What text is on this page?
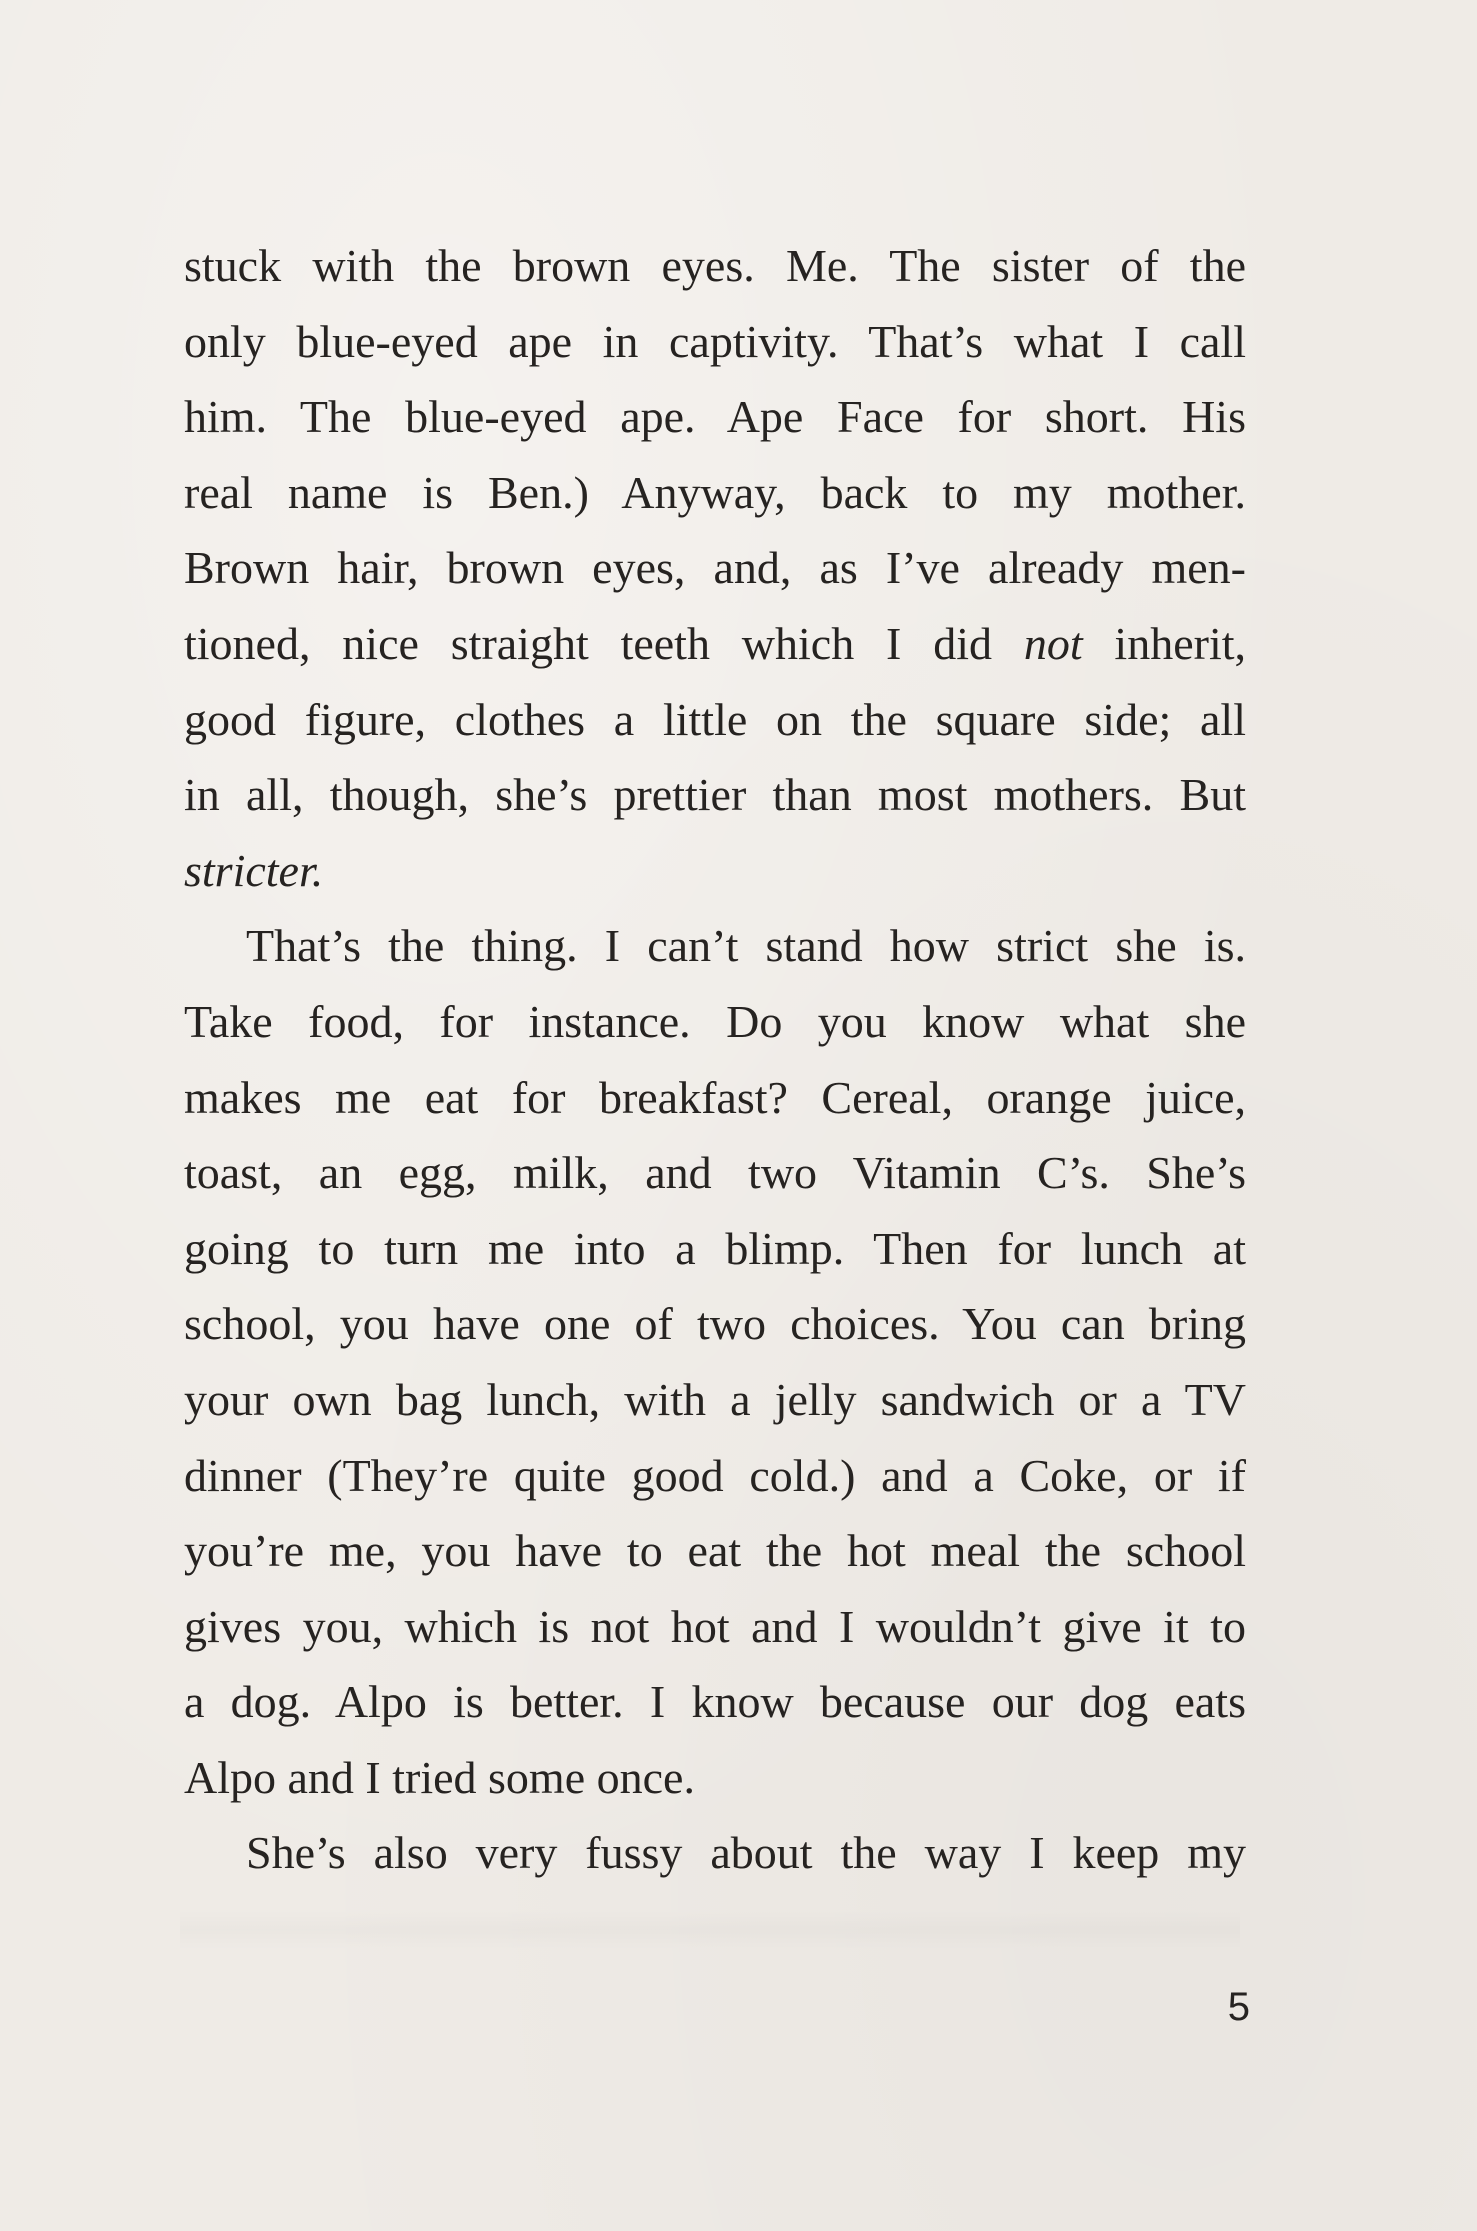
stuck with the brown eyes. Me. The sister of the
only blue-eyed ape in captivity. That’s what I call
him. The blue-eyed ape. Ape Face for short. His
real name is Ben.) Anyway, back to my mother.
Brown hair, brown eyes, and, as I’ve already men-
tioned, nice straight teeth which I did not inherit,
good figure, clothes a little on the square side; all
in all, though, she’s prettier than most mothers. But
stricter.

That’s the thing. I can’t stand how strict she is.
Take food, for instance. Do you know what she
makes me eat for breakfast? Cereal, orange juice,
toast, an egg, milk, and two Vitamin C’s. She’s
going to turn me into a blimp. Then for lunch at
school, you have one of two choices. You can bring
your own bag lunch, with a jelly sandwich or a TV
dinner (They’re quite good cold.) and a Coke, or if
you’re me, you have to eat the hot meal the school
gives you, which is not hot and I wouldn’t give it to
a dog. Alpo is better. I know because our dog eats
Alpo and I tried some once.

She’s also very fussy about the way I keep my

5
